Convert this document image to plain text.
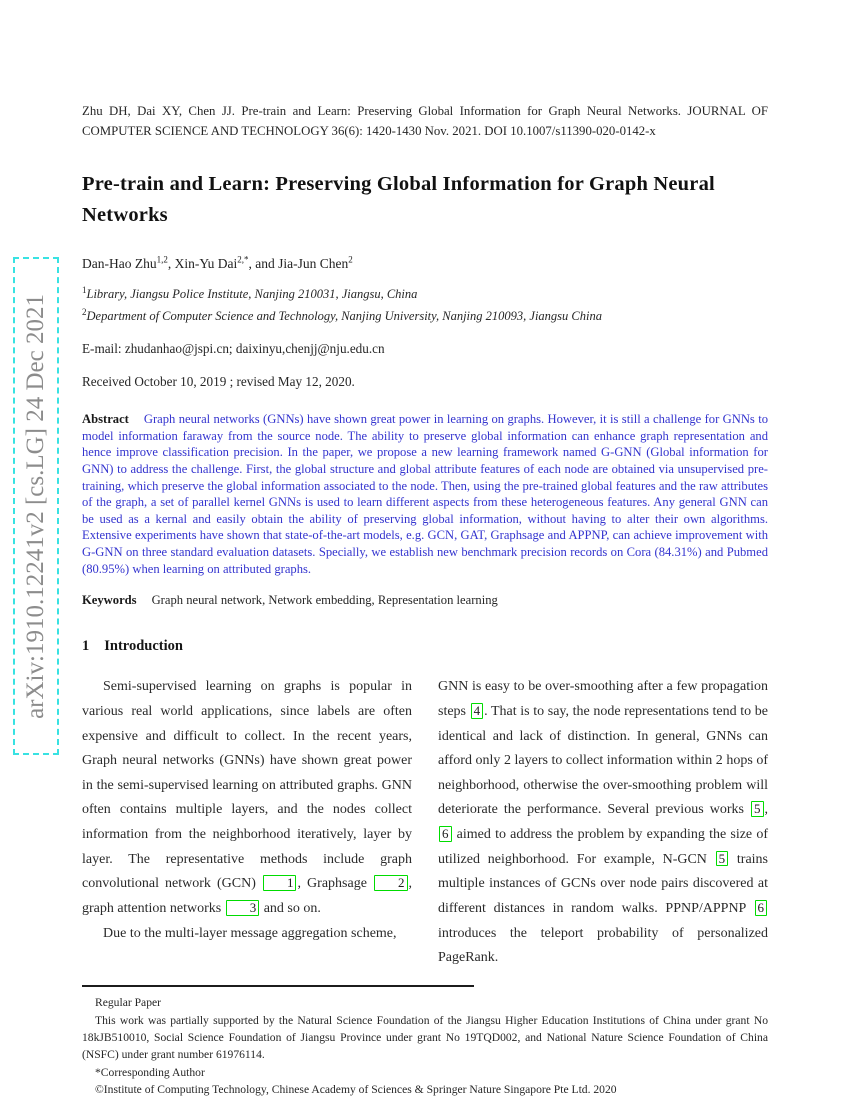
arXiv:1910.12241v2 [cs.LG] 24 Dec 2021
Zhu DH, Dai XY, Chen JJ. Pre-train and Learn: Preserving Global Information for Graph Neural Networks. JOURNAL OF COMPUTER SCIENCE AND TECHNOLOGY 36(6): 1420-1430 Nov. 2021. DOI 10.1007/s11390-020-0142-x
Pre-train and Learn: Preserving Global Information for Graph Neural Networks
Dan-Hao Zhu$^{1,2}$, Xin-Yu Dai$^{2,*}$, and Jia-Jun Chen$^2$
$^1$Library, Jiangsu Police Institute, Nanjing 210031, Jiangsu, China
$^2$Department of Computer Science and Technology, Nanjing University, Nanjing 210093, Jiangsu China
E-mail: zhudanhao@jspi.cn; daixinyu,chenjj@nju.edu.cn
Received October 10, 2019 ; revised May 12, 2020.
Abstract Graph neural networks (GNNs) have shown great power in learning on graphs. However, it is still a challenge for GNNs to model information faraway from the source node. The ability to preserve global information can enhance graph representation and hence improve classification precision. In the paper, we propose a new learning framework named G-GNN (Global information for GNN) to address the challenge. First, the global structure and global attribute features of each node are obtained via unsupervised pre-training, which preserve the global information associated to the node. Then, using the pre-trained global features and the raw attributes of the graph, a set of parallel kernel GNNs is used to learn different aspects from these heterogeneous features. Any general GNN can be used as a kernal and easily obtain the ability of preserving global information, without having to alter their own algorithms. Extensive experiments have shown that state-of-the-art models, e.g. GCN, GAT, Graphsage and APPNP, can achieve improvement with G-GNN on three standard evaluation datasets. Specially, we establish new benchmark precision records on Cora (84.31%) and Pubmed (80.95%) when learning on attributed graphs.
Keywords Graph neural network, Network embedding, Representation learning
1 Introduction

Semi-supervised learning on graphs is popular in various real world applications, since labels are often expensive and difficult to collect. In the recent years, Graph neural networks (GNNs) have shown great power in the semi-supervised learning on attributed graphs. GNN often contains multiple layers, and the nodes collect information from the neighborhood iteratively, layer by layer. The representative methods include graph convolutional network (GCN) 1 , Graphsage 2 , graph attention networks 3 and so on.

Due to the multi-layer message aggregation scheme,

GNN is easy to be over-smoothing after a few propagation steps 4 . That is to say, the node representations tend to be identical and lack of distinction. In general, GNNs can afford only 2 layers to collect information within 2 hops of neighborhood, otherwise the over-smoothing problem will deteriorate the performance. Several previous works 5 , 6 aimed to address the problem by expanding the size of utilized neighborhood. For example, N-GCN 5 trains multiple instances of GCNs over node pairs discovered at different distances in random walks. PPNP/APPNP 6 introduces the teleport probability of personalized PageRank.

Regular Paper

This work was partially supported by the Natural Science Foundation of the Jiangsu Higher Education Institutions of China under grant No 18kJB510010, Social Science Foundation of Jiangsu Province under grant No 19TQD002, and National Nature Science Foundation of China (NSFC) under grant number 61976114.

*Corresponding Author

©Institute of Computing Technology, Chinese Academy of Sciences & Springer Nature Singapore Pte Ltd. 2020
